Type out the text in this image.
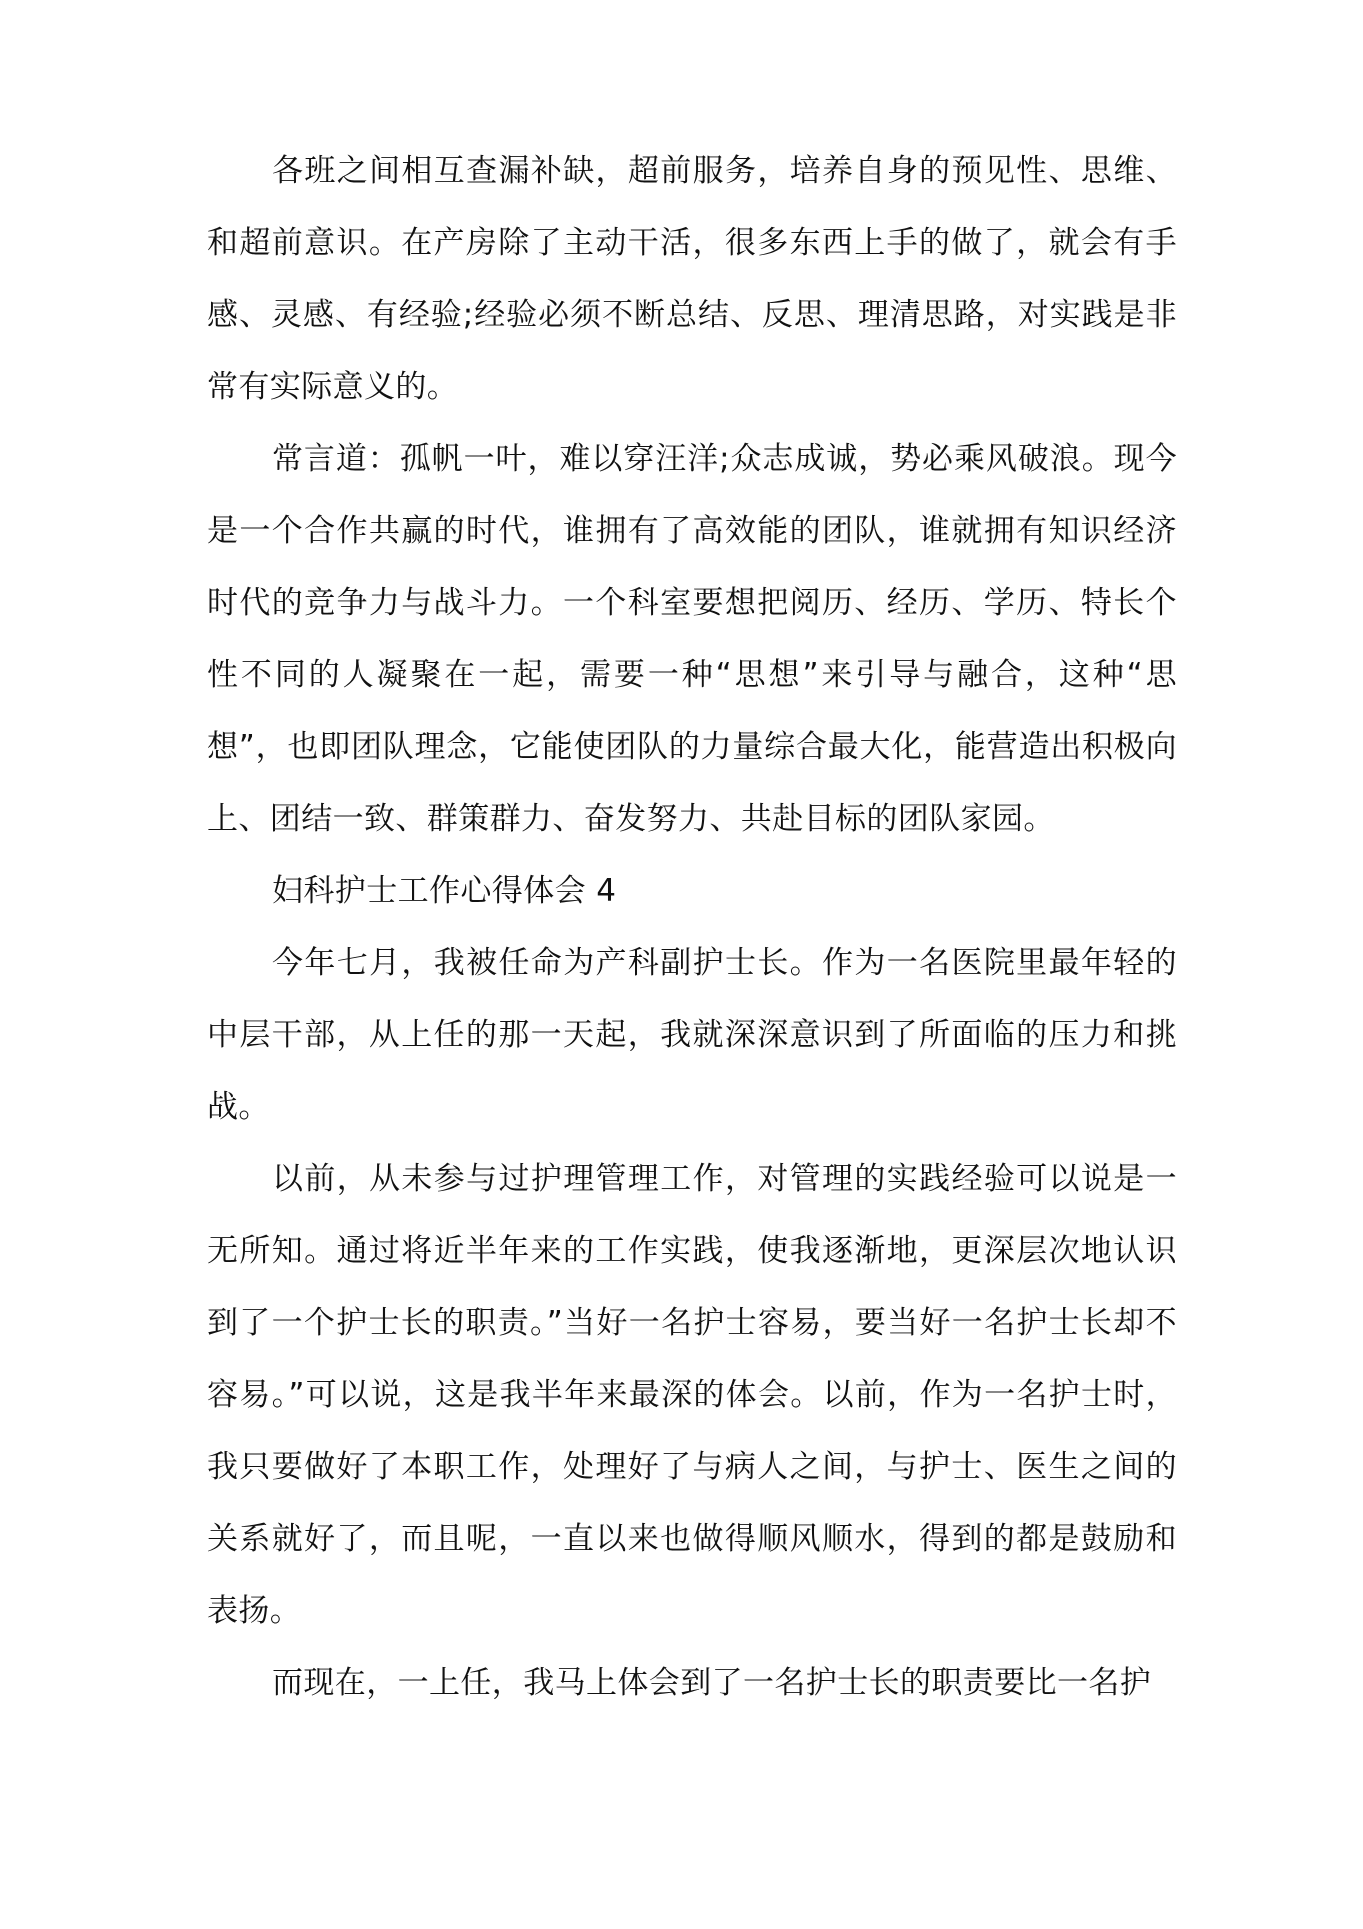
各班之间相互查漏补缺，超前服务，培养自身的预见性、思维、和超前意识。在产房除了主动干活，很多东西上手的做了，就会有手感、灵感、有经验;经验必须不断总结、反思、理清思路，对实践是非常有实际意义的。

常言道：孤帆一叶，难以穿汪洋;众志成诚，势必乘风破浪。现今是一个合作共赢的时代，谁拥有了高效能的团队，谁就拥有知识经济时代的竞争力与战斗力。一个科室要想把阅历、经历、学历、特长个性不同的人凝聚在一起，需要一种“思想”来引导与融合，这种“思想”，也即团队理念，它能使团队的力量综合最大化，能营造出积极向上、团结一致、群策群力、奋发努力、共赴目标的团队家园。

妇科护士工作心得体会 4

今年七月，我被任命为产科副护士长。作为一名医院里最年轻的中层干部，从上任的那一天起，我就深深意识到了所面临的压力和挑战。

以前，从未参与过护理管理工作，对管理的实践经验可以说是一无所知。通过将近半年来的工作实践，使我逐渐地，更深层次地认识到了一个护士长的职责。”当好一名护士容易，要当好一名护士长却不容易。”可以说，这是我半年来最深的体会。以前，作为一名护士时，我只要做好了本职工作，处理好了与病人之间，与护士、医生之间的关系就好了，而且呢，一直以来也做得顺风顺水，得到的都是鼓励和表扬。

而现在，一上任，我马上体会到了一名护士长的职责要比一名护
